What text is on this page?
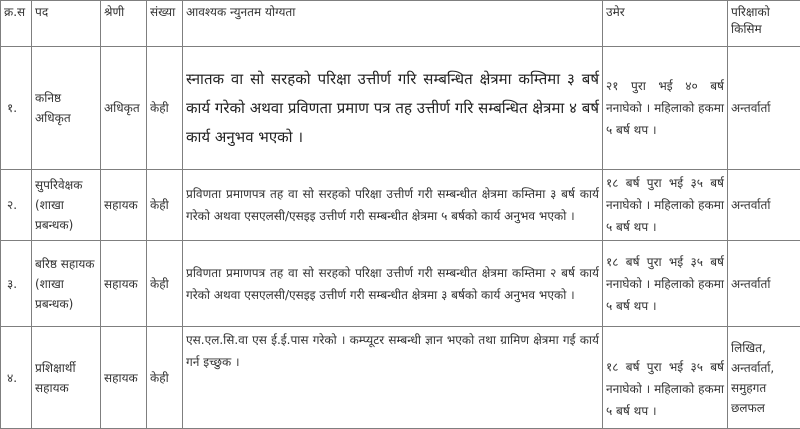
क्र.स	पद	श्रेणी	संख्या	आवश्यक न्युनतम योग्यता	उमेर	परिक्षाको किसिम
१.	कनिष्ठ अधिकृत	अधिकृत	केही	स्नातक वा सो सरहको परिक्षा उत्तीर्ण गरि सम्बन्धित क्षेत्रमा कम्तिमा ३ बर्ष कार्य गरेको अथवा प्रविणता प्रमाण पत्र तह उत्तीर्ण गरि सम्बन्धित क्षेत्रमा ४ बर्ष कार्य अनुभव भएको ।	२१ पुरा भई ४० बर्ष ननाघेको । महिलाको हकमा ५ बर्ष थप ।	अन्तर्वार्ता
२.	सुपरिवेक्षक (शाखा प्रबन्धक)	सहायक	केही	प्रविणता प्रमाणपत्र तह वा सो सरहको परिक्षा उत्तीर्ण गरी सम्बन्धीत क्षेत्रमा कम्तिमा ३ बर्ष कार्य गरेको अथवा एसएलसी/एसइइ उत्तीर्ण गरी सम्बन्धीत क्षेत्रमा ५ बर्षको कार्य अनुभव भएको ।	१८ बर्ष पुरा भई ३५ बर्ष ननाघेको । महिलाको हकमा ५ बर्ष थप ।	अन्तर्वार्ता
३.	बरिष्ठ सहायक (शाखा प्रबन्धक)	सहायक	केही	प्रविणता प्रमाणपत्र तह वा सो सरहको परिक्षा उत्तीर्ण गरी सम्बन्धीत क्षेत्रमा कम्तिमा २ बर्ष कार्य गरेको अथवा एसएलसी/एसइइ उत्तीर्ण गरी सम्बन्धीत क्षेत्रमा ३ बर्षको कार्य अनुभव भएको ।	१८ बर्ष पुरा भई ३५ बर्ष ननाघेको । महिलाको हकमा ५ बर्ष थप ।	अन्तर्वार्ता
४.	प्रशिक्षार्थी सहायक	सहायक	केही	एस.एल.सि.वा एस ई.ई.पास गरेको । कम्प्यूटर सम्बन्धी ज्ञान भएको तथा ग्रामिण क्षेत्रमा गई कार्य गर्न इच्छुक ।	१८ बर्ष पुरा भई ३५ बर्ष ननाघेको । महिलाको हकमा ५ बर्ष थप ।	लिखित, अन्तर्वार्ता, समुहगत छलफल
